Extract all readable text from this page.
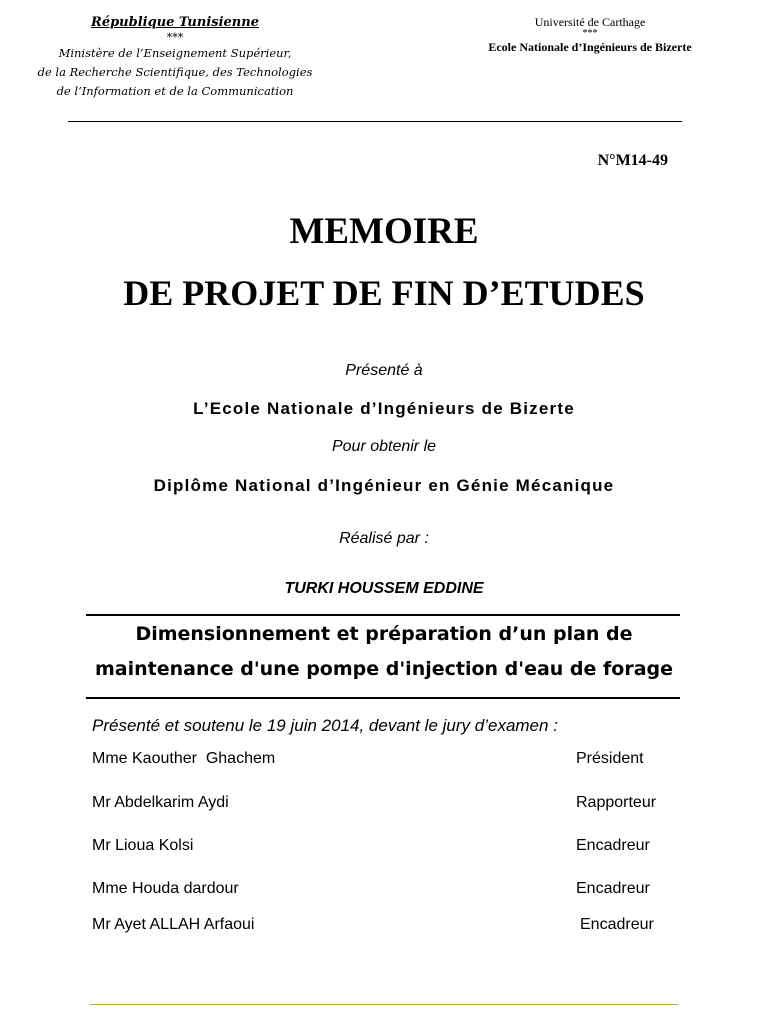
République Tunisienne
***
Ministère de l’Enseignement Supérieur,
de la Recherche Scientifique, des Technologies
de l’Information et de la Communication
Université de Carthage
***
Ecole Nationale d’Ingénieurs de Bizerte
N°M14-49
MEMOIRE
DE PROJET DE FIN D’ETUDES
Présenté à
L’Ecole Nationale d’Ingénieurs de Bizerte
Pour obtenir le
Diplôme National d’Ingénieur en Génie Mécanique
Réalisé par :
TURKI HOUSSEM EDDINE
Dimensionnement et préparation d’un plan de
maintenance d'une pompe d'injection d'eau de forage
Présenté et soutenu le 19 juin 2014, devant le jury d’examen :
Mme Kaouther  Ghachem	Président
Mr Abdelkarim Aydi	Rapporteur
Mr Lioua Kolsi	Encadreur
Mme Houda dardour	Encadreur
Mr Ayet ALLAH Arfaoui	Encadreur
